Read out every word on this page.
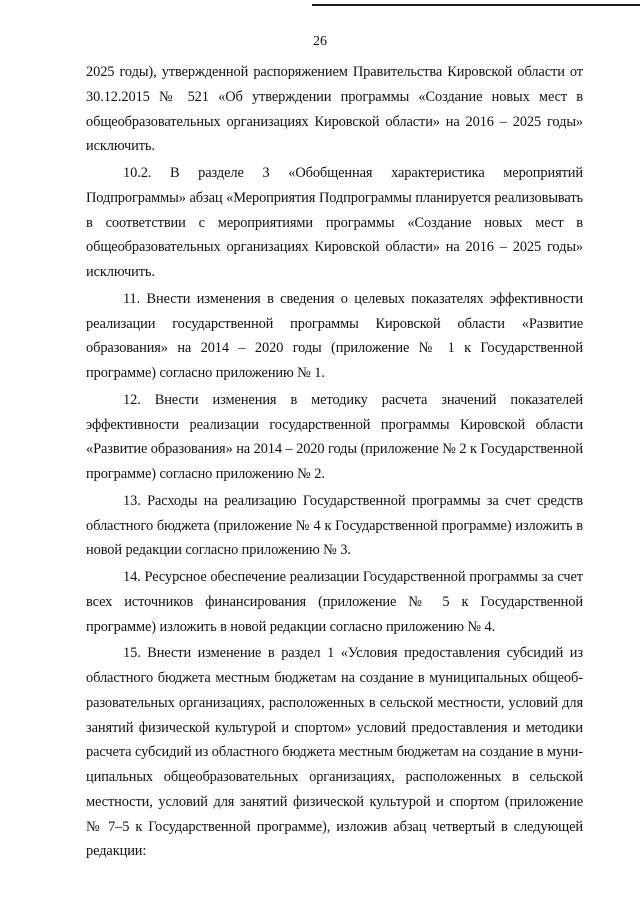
26

2025 годы), утвержденной распоряжением Правительства Кировской области от 30.12.2015 № 521 «Об утверждении программы «Создание новых мест в общеобразовательных организациях Кировской области» на 2016 – 2025 годы» исключить.

10.2. В разделе 3 «Обобщенная характеристика мероприятий Подпрограммы» абзац «Мероприятия Подпрограммы планируется реализовывать в соответствии с мероприятиями программы «Создание новых мест в общеобразовательных организациях Кировской области» на 2016 – 2025 годы» исключить.

11. Внести изменения в сведения о целевых показателях эффективности реализации государственной программы Кировской области «Развитие образования» на 2014 – 2020 годы (приложение № 1 к Государственной программе) согласно приложению № 1.

12. Внести изменения в методику расчета значений показателей эффективности реализации государственной программы Кировской области «Развитие образования» на 2014 – 2020 годы (приложение № 2 к Государственной программе) согласно приложению № 2.

13. Расходы на реализацию Государственной программы за счет средств областного бюджета (приложение № 4 к Государственной программе) изложить в новой редакции согласно приложению № 3.

14. Ресурсное обеспечение реализации Государственной программы за счет всех источников финансирования (приложение № 5 к Государственной программе) изложить в новой редакции согласно приложению № 4.

15. Внести изменение в раздел 1 «Условия предоставления субсидий из областного бюджета местным бюджетам на создание в муниципальных общеобразовательных организациях, расположенных в сельской местности, условий для занятий физической культурой и спортом» условий предоставления и методики расчета субсидий из областного бюджета местным бюджетам на создание в муниципальных общеобразовательных организациях, расположенных в сельской местности, условий для занятий физической культурой и спортом (приложение № 7–5 к Государственной программе), изложив абзац четвертый в следующей редакции:
